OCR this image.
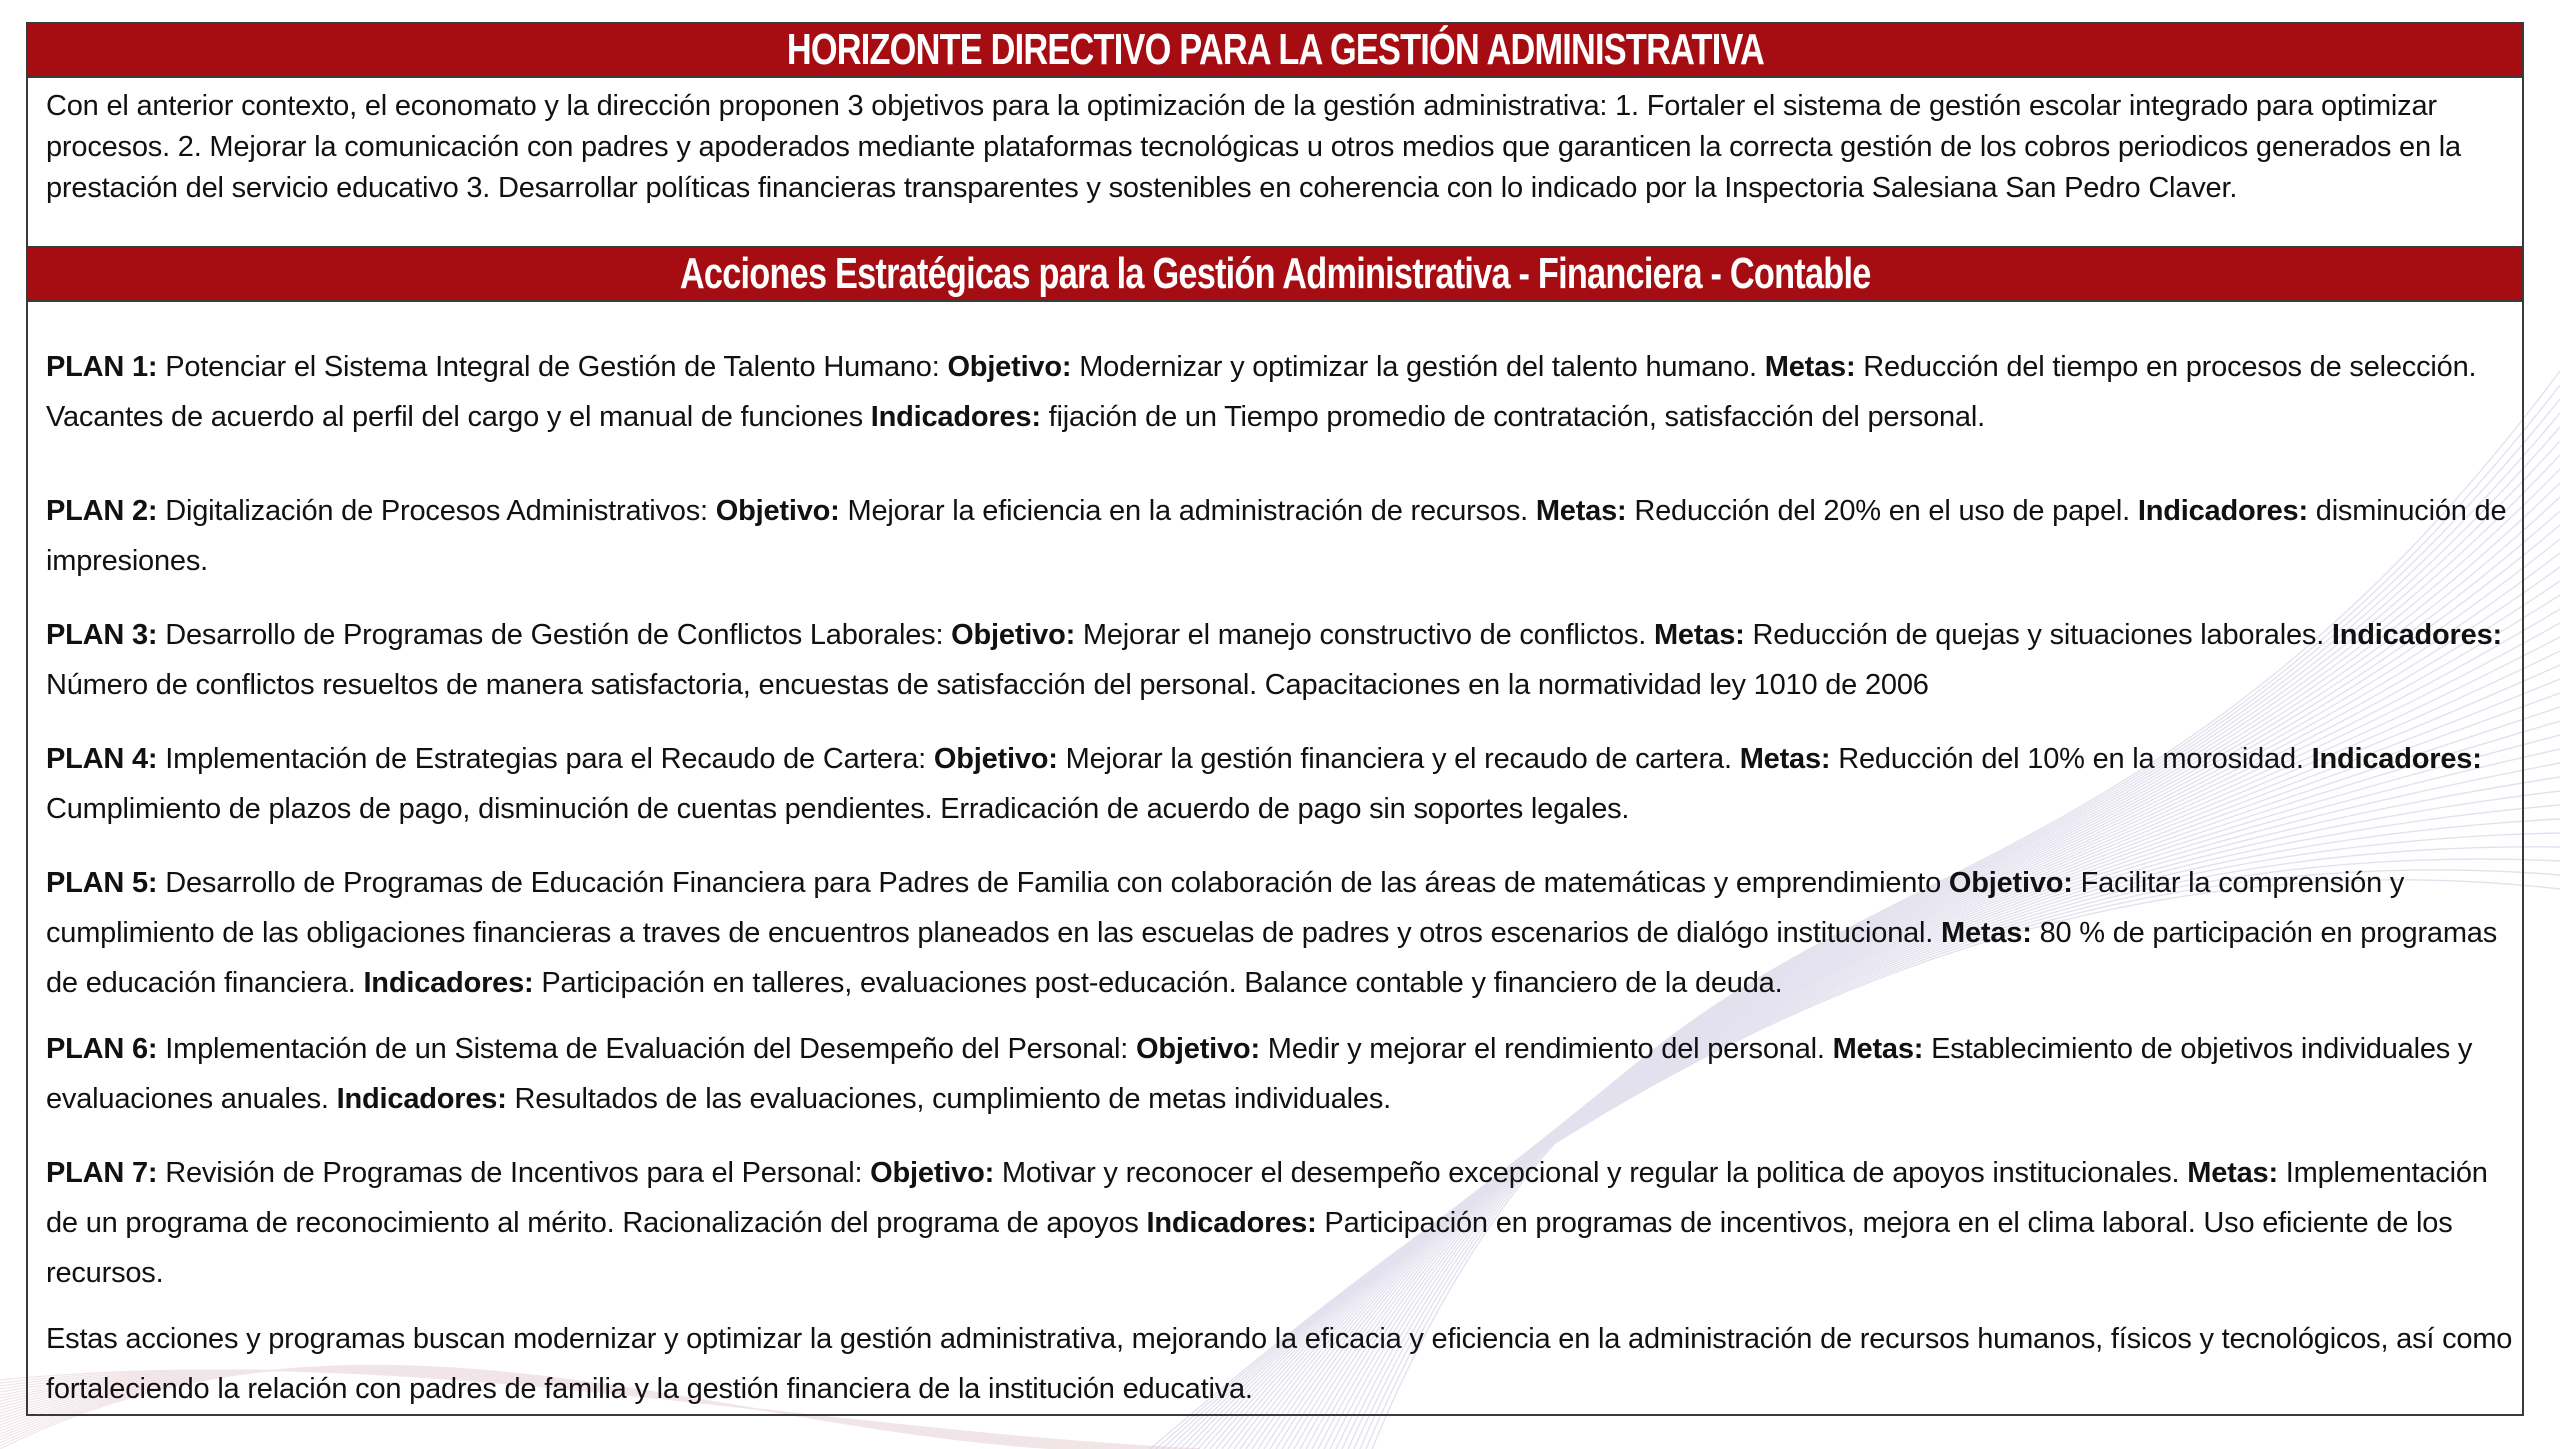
HORIZONTE DIRECTIVO PARA LA GESTIÓN ADMINISTRATIVA
Con el anterior contexto, el economato y la dirección proponen 3 objetivos para la optimización de la gestión administrativa: 1. Fortaler el sistema de gestión escolar integrado para optimizar procesos. 2. Mejorar la comunicación con padres y apoderados mediante plataformas tecnológicas u otros medios que garanticen la correcta gestión de los cobros periodicos generados en la prestación del servicio educativo 3. Desarrollar políticas financieras transparentes y sostenibles en coherencia con lo indicado por la Inspectoria Salesiana San Pedro Claver.
Acciones Estratégicas para la Gestión Administrativa - Financiera - Contable
PLAN 1: Potenciar el Sistema Integral de Gestión de Talento Humano: Objetivo: Modernizar y optimizar la gestión del talento humano. Metas: Reducción del tiempo en procesos de selección. Vacantes de acuerdo al perfil del cargo y el manual de funciones Indicadores: fijación de un Tiempo promedio de contratación, satisfacción del personal.
PLAN 2: Digitalización de Procesos Administrativos: Objetivo: Mejorar la eficiencia en la administración de recursos. Metas: Reducción del 20% en el uso de papel. Indicadores: disminución de impresiones.
PLAN 3: Desarrollo de Programas de Gestión de Conflictos Laborales: Objetivo: Mejorar el manejo constructivo de conflictos. Metas: Reducción de quejas y situaciones laborales. Indicadores: Número de conflictos resueltos de manera satisfactoria, encuestas de satisfacción del personal. Capacitaciones en la normatividad ley 1010 de 2006
PLAN 4: Implementación de Estrategias para el Recaudo de Cartera: Objetivo: Mejorar la gestión financiera y el recaudo de cartera. Metas: Reducción del 10% en la morosidad. Indicadores: Cumplimiento de plazos de pago, disminución de cuentas pendientes. Erradicación de acuerdo de pago sin soportes legales.
PLAN 5: Desarrollo de Programas de Educación Financiera para Padres de Familia con colaboración de las áreas de matemáticas y emprendimiento Objetivo: Facilitar la comprensión y cumplimiento de las obligaciones financieras a traves de encuentros planeados en las escuelas de padres y otros escenarios de dialógo institucional. Metas: 80 % de participación en programas de educación financiera. Indicadores: Participación en talleres, evaluaciones post-educación. Balance contable y financiero de la deuda.
PLAN 6: Implementación de un Sistema de Evaluación del Desempeño del Personal: Objetivo: Medir y mejorar el rendimiento del personal. Metas: Establecimiento de objetivos individuales y evaluaciones anuales. Indicadores: Resultados de las evaluaciones, cumplimiento de metas individuales.
PLAN 7: Revisión de Programas de Incentivos para el Personal: Objetivo: Motivar y reconocer el desempeño excepcional y regular la politica de apoyos institucionales. Metas: Implementación de un programa de reconocimiento al mérito. Racionalización del programa de apoyos Indicadores: Participación en programas de incentivos, mejora en el clima laboral. Uso eficiente de los recursos.
Estas acciones y programas buscan modernizar y optimizar la gestión administrativa, mejorando la eficacia y eficiencia en la administración de recursos humanos, físicos y tecnológicos, así como fortaleciendo la relación con padres de familia y la gestión financiera de la institución educativa.
